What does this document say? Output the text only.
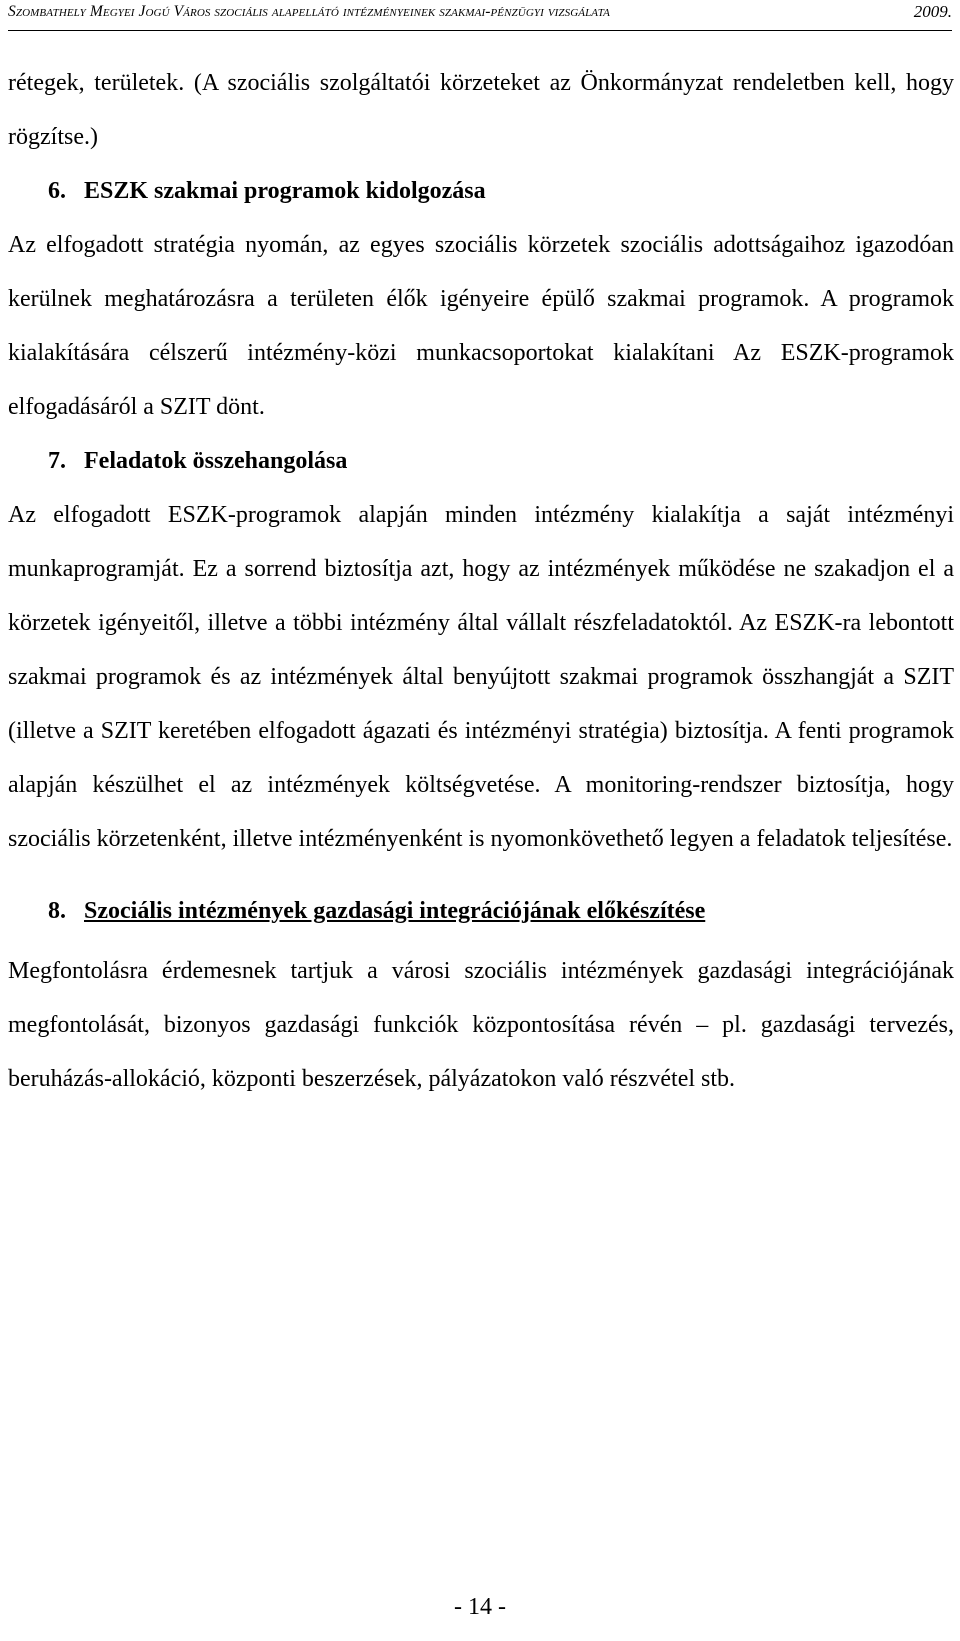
Szombathely Megyei Jogú Város szociális alapellátó intézményeinek szakmai-pénzügyi vizsgálata	2009.

rétegek, területek. (A szociális szolgáltatói körzeteket az Önkormányzat rendeletben kell, hogy rögzítse.)

6. ESZK szakmai programok kidolgozása

Az elfogadott stratégia nyomán, az egyes szociális körzetek szociális adottságaihoz igazodóan kerülnek meghatározásra a területen élők igényeire épülő szakmai programok. A programok kialakítására célszerű intézmény-közi munkacsoportokat kialakítani Az ESZK-programok elfogadásáról a SZIT dönt.

7. Feladatok összehangolása

Az elfogadott ESZK-programok alapján minden intézmény kialakítja a saját intézményi munkaprogramját. Ez a sorrend biztosítja azt, hogy az intézmények működése ne szakadjon el a körzetek igényeitől, illetve a többi intézmény által vállalt részfeladatoktól. Az ESZK-ra lebontott szakmai programok és az intézmények által benyújtott szakmai programok összhangját a SZIT (illetve a SZIT keretében elfogadott ágazati és intézményi stratégia) biztosítja. A fenti programok alapján készülhet el az intézmények költségvetése. A monitoring-rendszer biztosítja, hogy szociális körzetenként, illetve intézményenként is nyomonkövethető legyen a feladatok teljesítése.

8. Szociális intézmények gazdasági integrációjának előkészítése

Megfontolásra érdemesnek tartjuk a városi szociális intézmények gazdasági integrációjának megfontolását, bizonyos gazdasági funkciók központosítása révén – pl. gazdasági tervezés, beruházás-allokáció, központi beszerzések, pályázatokon való részvétel stb.

- 14 -
